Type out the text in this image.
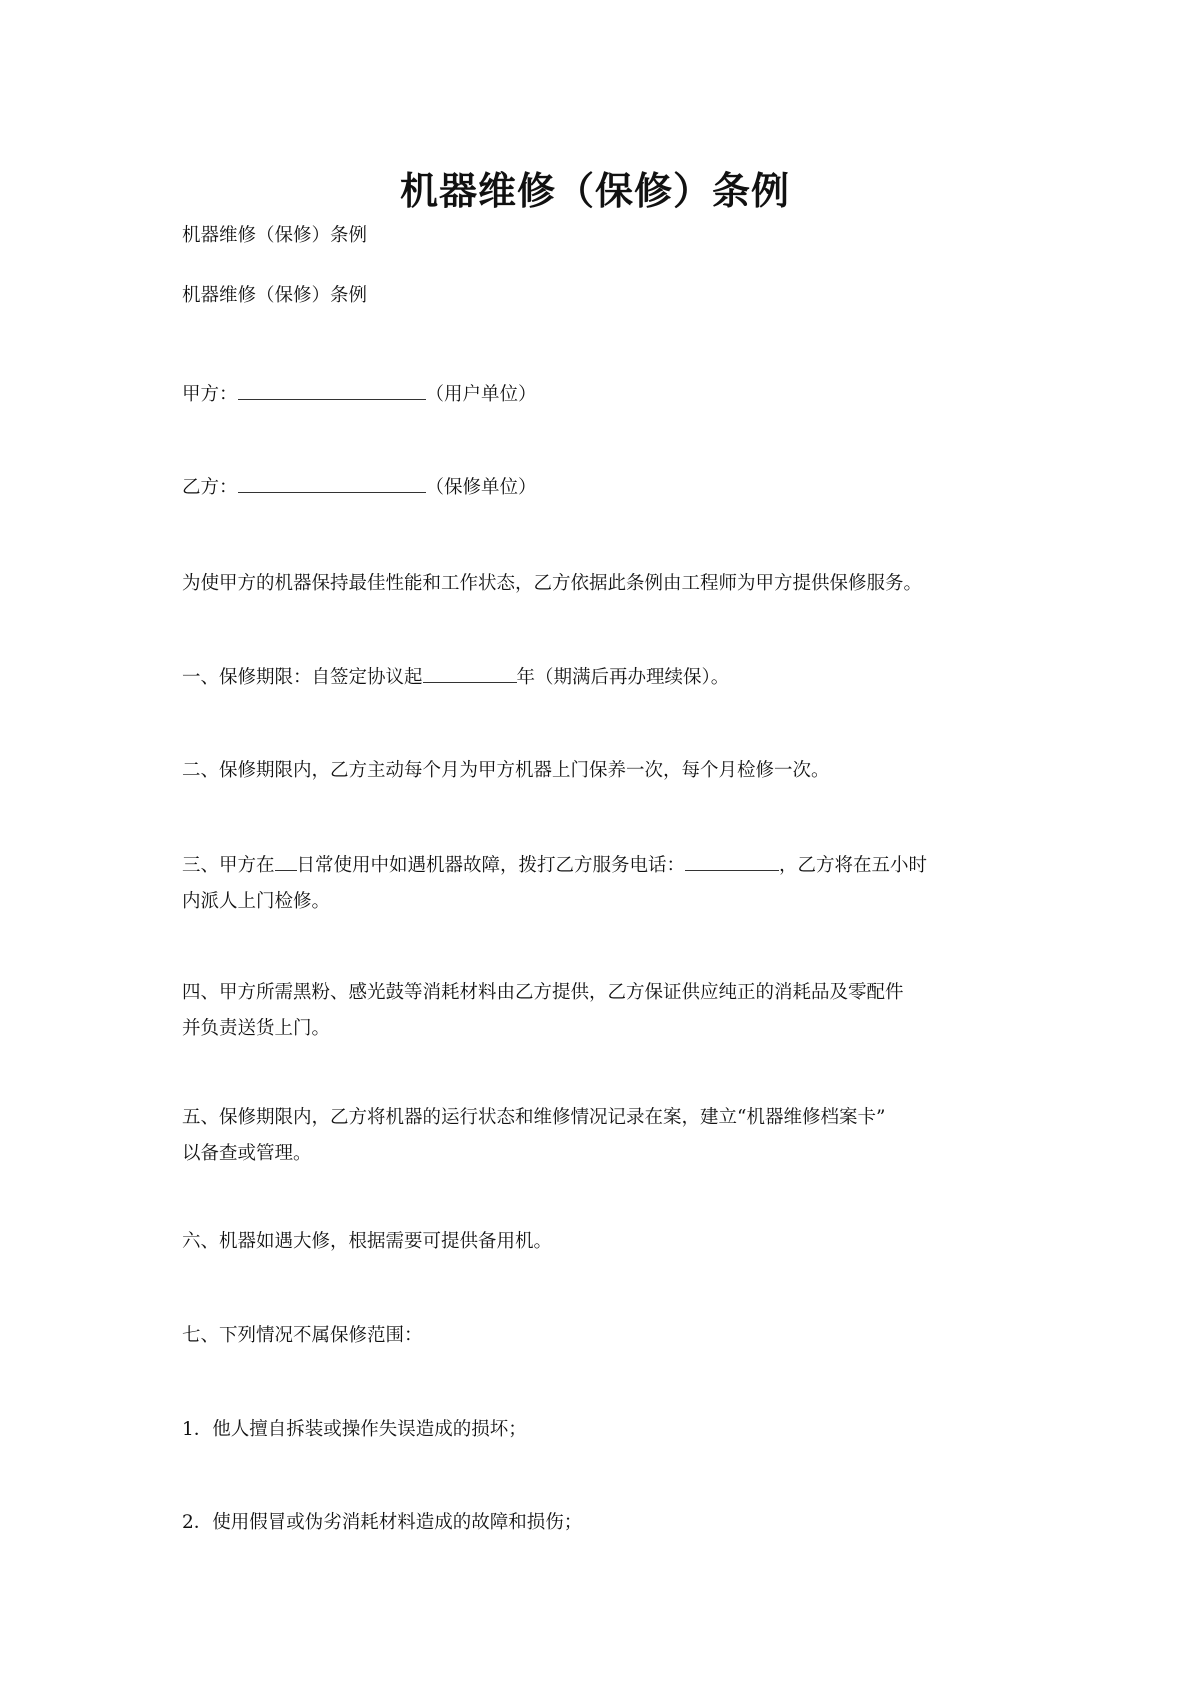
机器维修（保修）条例
机器维修（保修）条例
机器维修（保修）条例
甲方：	（用户单位）
乙方：	（保修单位）
为使甲方的机器保持最佳性能和工作状态，乙方依据此条例由工程师为甲方提供保修服务。
一、保修期限：自签定协议起	年（期满后再办理续保）。
二、保修期限内，乙方主动每个月为甲方机器上门保养一次，每个月检修一次。
三、甲方在 日常使用中如遇机器故障，拨打乙方服务电话：	，乙方将在五小时
内派人上门检修。
四、甲方所需黑粉、感光鼓等消耗材料由乙方提供，乙方保证供应纯正的消耗品及零配件
并负责送货上门。
五、保修期限内，乙方将机器的运行状态和维修情况记录在案，建立“机器维修档案卡”
以备查或管理。
六、机器如遇大修，根据需要可提供备用机。
七、下列情况不属保修范围：
1．他人擅自拆装或操作失误造成的损坏；
2．使用假冒或伪劣消耗材料造成的故障和损伤；
